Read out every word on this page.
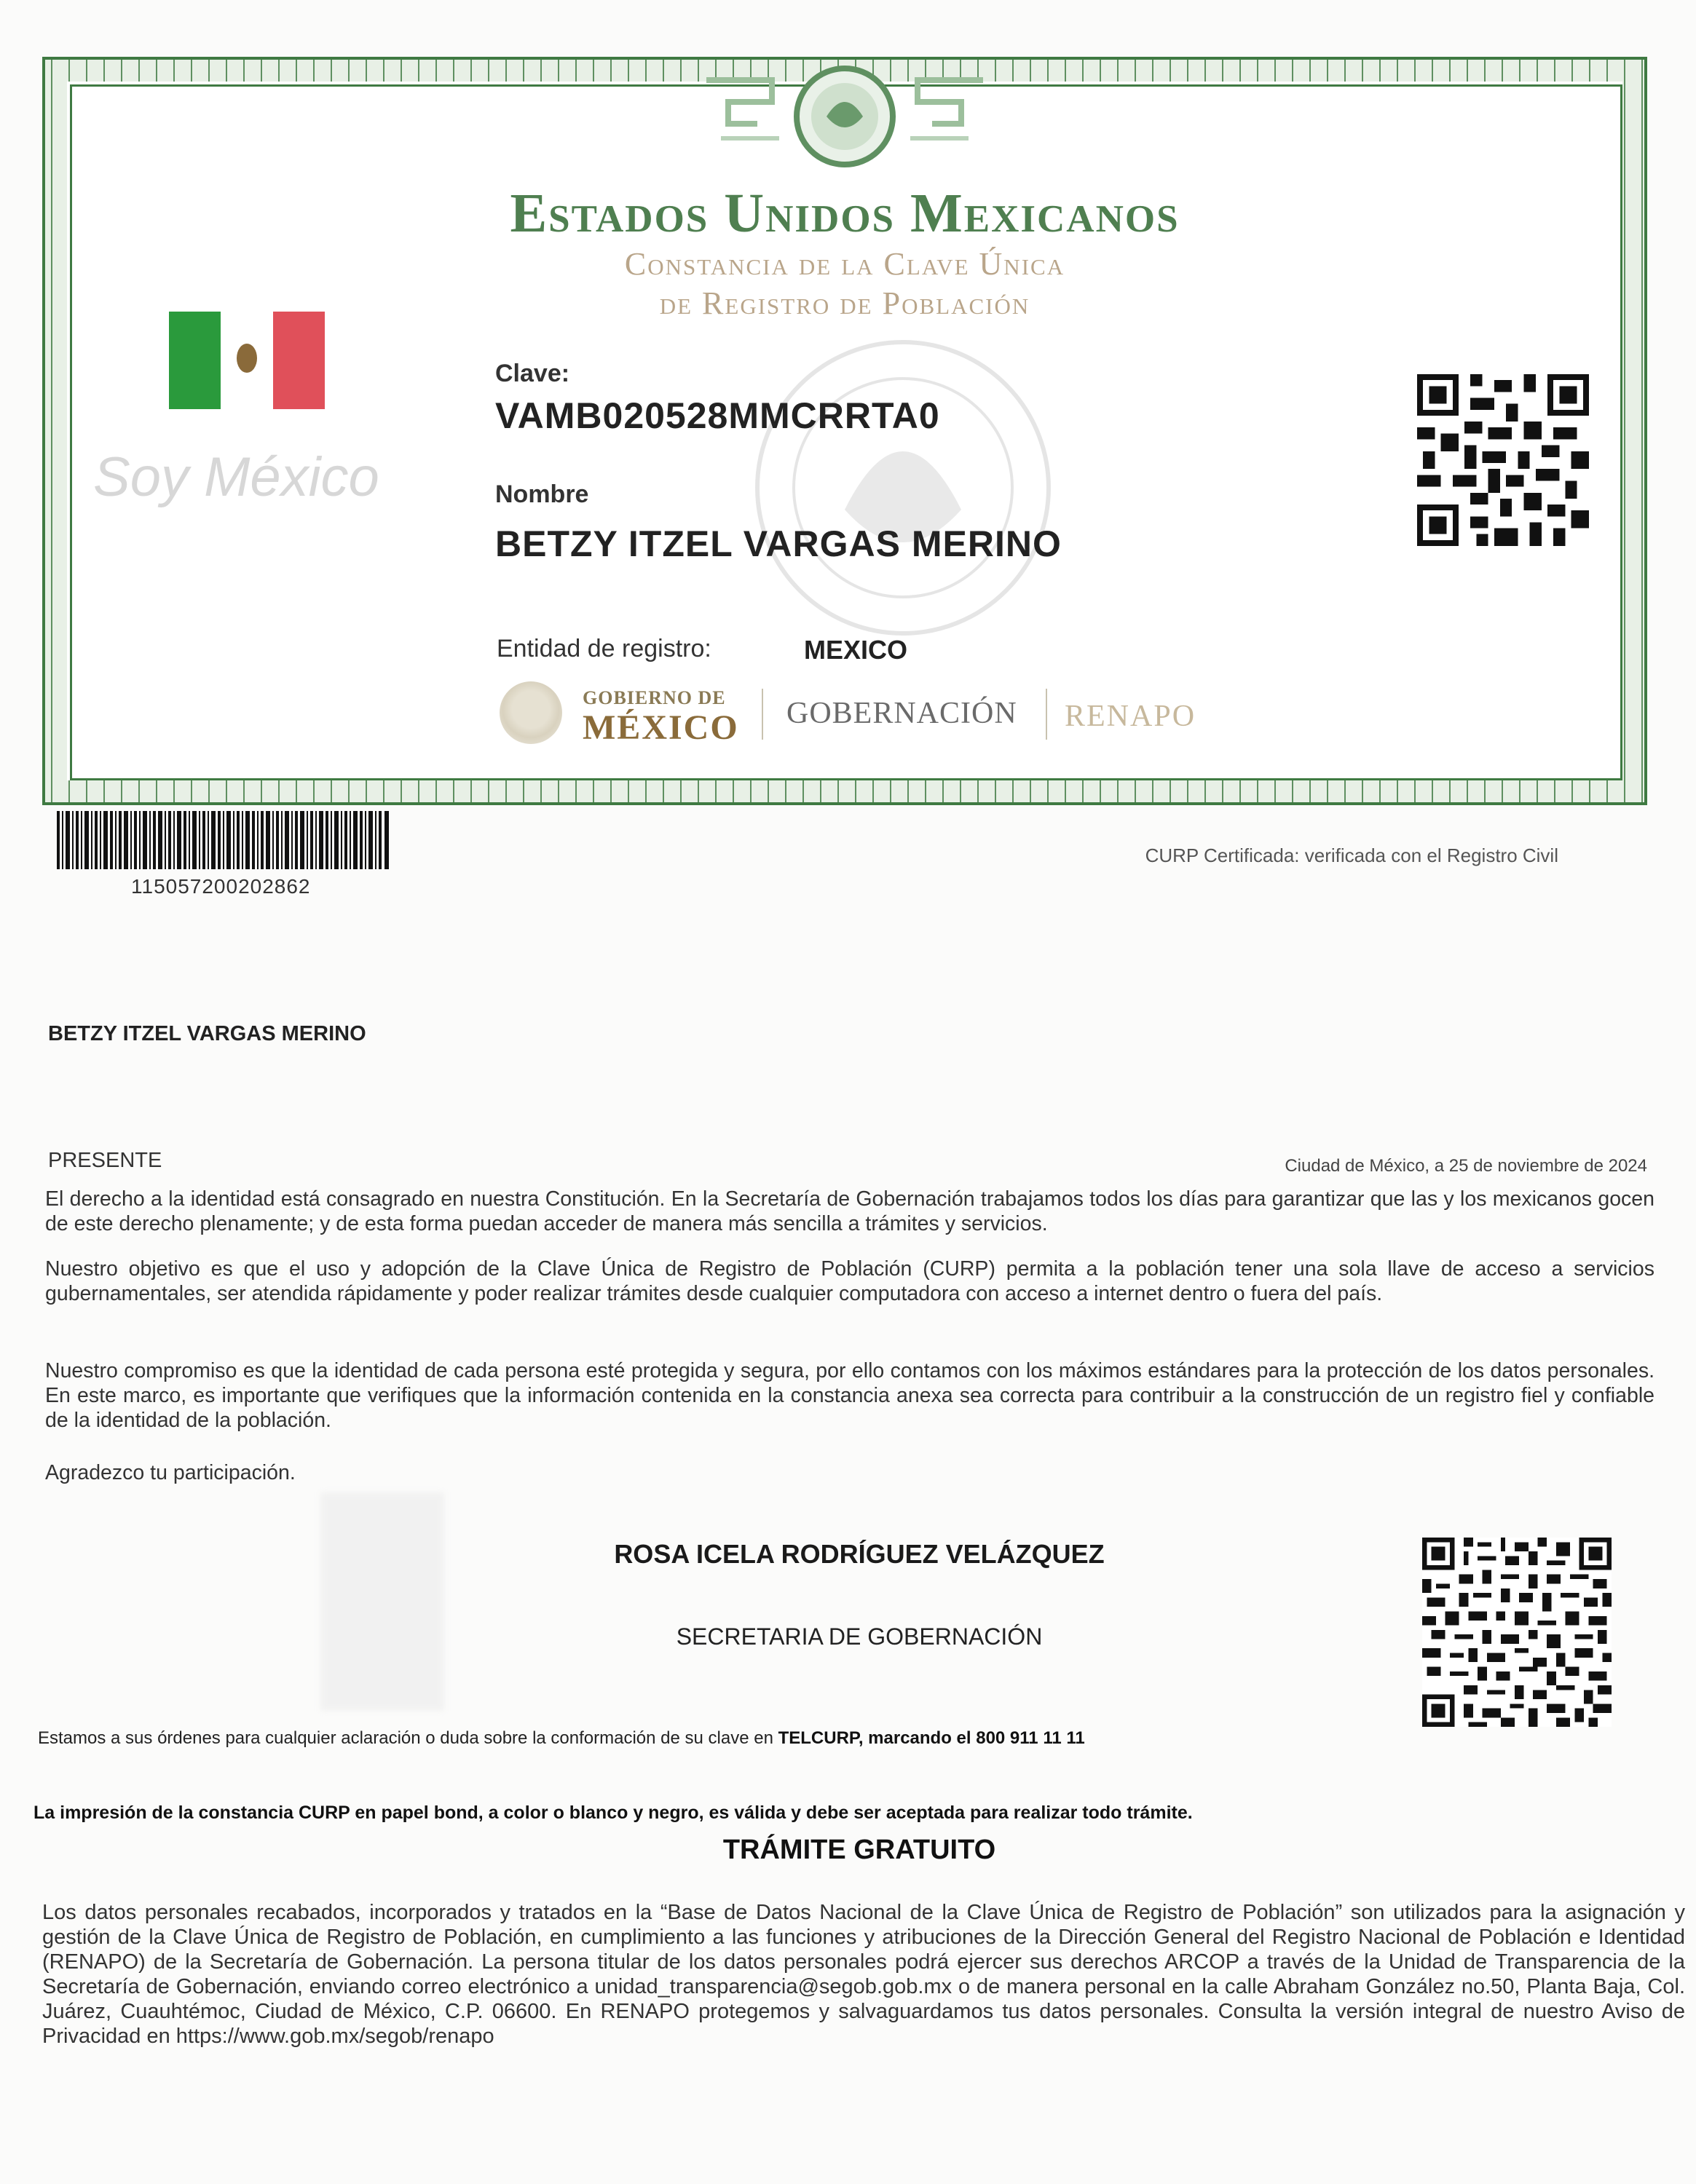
Estados Unidos Mexicanos
Constancia de la Clave Única
de Registro de Población
Soy México
Clave:
VAMB020528MMCRRTA0
Nombre
BETZY ITZEL VARGAS MERINO
Entidad de registro:	MEXICO
GOBIERNO DE
MÉXICO GOBERNACIÓN RENAPO
115057200202862
CURP Certificada: verificada con el Registro Civil
BETZY ITZEL VARGAS MERINO
PRESENTE	Ciudad de México, a 25 de noviembre de 2024
El derecho a la identidad está consagrado en nuestra Constitución. En la Secretaría de Gobernación trabajamos todos los días para garantizar que las y los mexicanos gocen de este derecho plenamente; y de esta forma puedan acceder de manera más sencilla a trámites y servicios.
Nuestro objetivo es que el uso y adopción de la Clave Única de Registro de Población (CURP) permita a la población tener una sola llave de acceso a servicios gubernamentales, ser atendida rápidamente y poder realizar trámites desde cualquier computadora con acceso a internet dentro o fuera del país.
Nuestro compromiso es que la identidad de cada persona esté protegida y segura, por ello contamos con los máximos estándares para la protección de los datos personales. En este marco, es importante que verifiques que la información contenida en la constancia anexa sea correcta para contribuir a la construcción de un registro fiel y confiable de la identidad de la población.
Agradezco tu participación.
ROSA ICELA RODRÍGUEZ VELÁZQUEZ
SECRETARIA DE GOBERNACIÓN
Estamos a sus órdenes para cualquier aclaración o duda sobre la conformación de su clave en TELCURP, marcando el 800 911 11 11
La impresión de la constancia CURP en papel bond, a color o blanco y negro, es válida y debe ser aceptada para realizar todo trámite.
TRÁMITE GRATUITO
Los datos personales recabados, incorporados y tratados en la “Base de Datos Nacional de la Clave Única de Registro de Población” son utilizados para la asignación y gestión de la Clave Única de Registro de Población, en cumplimiento a las funciones y atribuciones de la Dirección General del Registro Nacional de Población e Identidad (RENAPO) de la Secretaría de Gobernación. La persona titular de los datos personales podrá ejercer sus derechos ARCOP a través de la Unidad de Transparencia de la Secretaría de Gobernación, enviando correo electrónico a unidad_transparencia@segob.gob.mx o de manera personal en la calle Abraham González no.50, Planta Baja, Col. Juárez, Cuauhtémoc, Ciudad de México, C.P. 06600. En RENAPO protegemos y salvaguardamos tus datos personales. Consulta la versión integral de nuestro Aviso de Privacidad en https://www.gob.mx/segob/renapo
